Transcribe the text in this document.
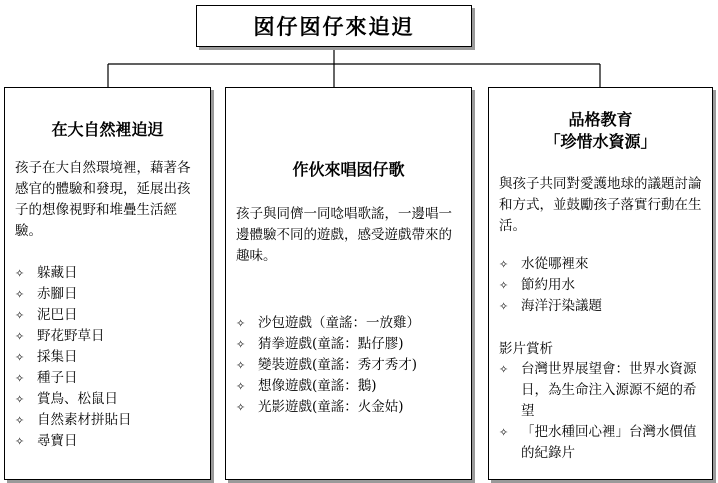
囡仔囡仔來迫迌
在大自然裡迫迌
孩子在大自然環境裡，藉著各感官的體驗和發現，延展出孩子的想像視野和堆疊生活經驗。
✧ 躲藏日
✧ 赤腳日
✧ 泥巴日
✧ 野花野草日
✧ 採集日
✧ 種子日
✧ 賞鳥、松鼠日
✧ 自然素材拼貼日
✧ 尋寶日
作伙來唱囡仔歌
孩子與同儕一同唸唱歌謠，一邊唱一邊體驗不同的遊戲，感受遊戲帶來的趣味。
✧ 沙包遊戲（童謠：一放雞）
✧ 猜拳遊戲(童謠：點仔膠)
✧ 變裝遊戲(童謠：秀才秀才)
✧ 想像遊戲(童謠：鵝)
✧ 光影遊戲(童謠：火金姑)
品格教育
「珍惜水資源」
與孩子共同對愛護地球的議題討論和方式，並鼓勵孩子落實行動在生活。
✧ 水從哪裡來
✧ 節約用水
✧ 海洋汙染議題
影片賞析
✧ 台灣世界展望會：世界水資源日，為生命注入源源不絕的希望
✧ 「把水種回心裡」台灣水價值的紀錄片
